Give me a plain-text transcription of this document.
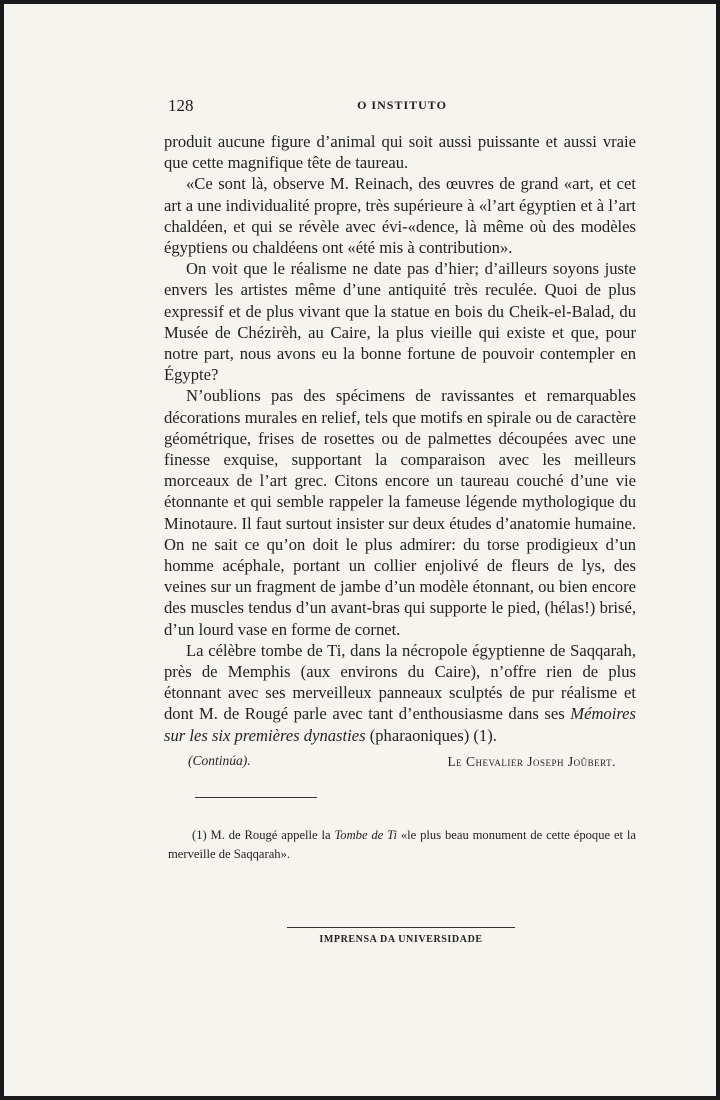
128	O INSTITUTO

produit aucune figure d’animal qui soit aussi puissante et aussi vraie que cette magnifique tête de taureau.

«Ce sont là, observe M. Reinach, des œuvres de grand «art, et cet art a une individualité propre, très supérieure à «l’art égyptien et à l’art chaldéen, et qui se révèle avec évi-«dence, là même où des modèles égyptiens ou chaldéens ont «été mis à contribution».

On voit que le réalisme ne date pas d’hier; d’ailleurs soyons juste envers les artistes même d’une antiquité très reculée. Quoi de plus expressif et de plus vivant que la statue en bois du Cheik-el-Balad, du Musée de Chézirèh, au Caire, la plus vieille qui existe et que, pour notre part, nous avons eu la bonne fortune de pouvoir contempler en Égypte?

N’oublions pas des spécimens de ravissantes et remarquables décorations murales en relief, tels que motifs en spirale ou de caractère géométrique, frises de rosettes ou de palmettes découpées avec une finesse exquise, supportant la comparaison avec les meilleurs morceaux de l’art grec. Citons encore un taureau couché d’une vie étonnante et qui semble rappeler la fameuse légende mythologique du Minotaure. Il faut surtout insister sur deux études d’anatomie humaine. On ne sait ce qu’on doit le plus admirer: du torse prodigieux d’un homme acéphale, portant un collier enjolivé de fleurs de lys, des veines sur un fragment de jambe d’un modèle étonnant, ou bien encore des muscles tendus d’un avant-bras qui supporte le pied, (hélas!) brisé, d’un lourd vase en forme de cornet.

La célèbre tombe de Ti, dans la nécropole égyptienne de Saqqarah, près de Memphis (aux environs du Caire), n’offre rien de plus étonnant avec ses merveilleux panneaux sculptés de pur réalisme et dont M. de Rougé parle avec tant d’enthousiasme dans ses Mémoires sur les six premières dynasties (pharaoniques) (1).

(Continúa).	Le Chevalier Joseph Joûbert.

(1) M. de Rougé appelle la Tombe de Ti «le plus beau monument de cette époque et la merveille de Saqqarah».

IMPRENSA DA UNIVERSIDADE
